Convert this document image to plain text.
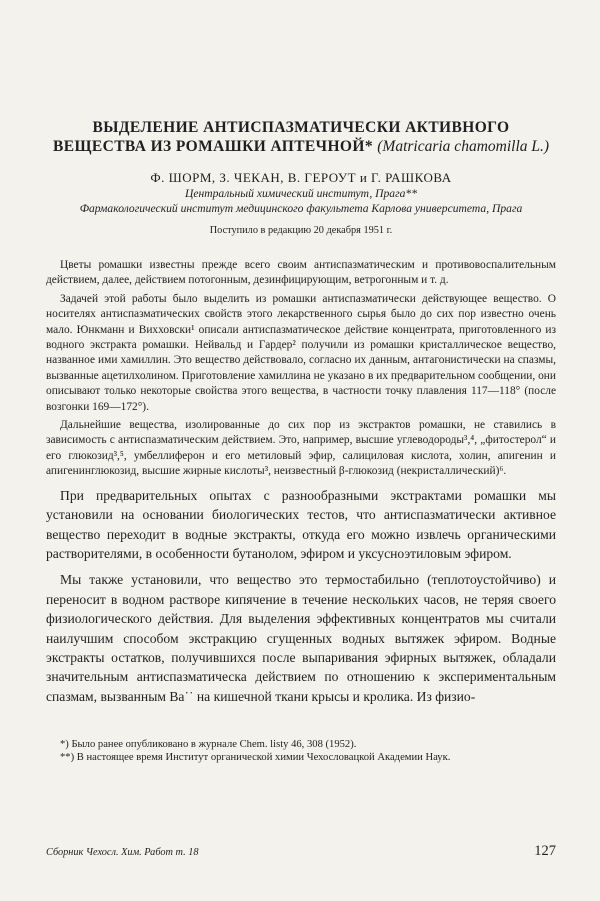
ВЫДЕЛЕНИЕ АНТИСПАЗМАТИЧЕСКИ АКТИВНОГО ВЕЩЕСТВА ИЗ РОМАШКИ АПТЕЧНОЙ* (Matricaria chamomilla L.)
Ф. ШОРМ, З. ЧЕКАН, В. ГЕРОУТ и Г. РАШКОВА
Центральный химический институт, Прага**
Фармакологический институт медицинского факультета Карлова университета, Прага
Поступило в редакцию 20 декабря 1951 г.

Цветы ромашки известны прежде всего своим антиспазматическим и противовоспалительным действием, далее, действием потогонным, дезинфицирующим, ветрогонным и т. д.

Задачей этой работы было выделить из ромашки антиспазматически действующее вещество. О носителях антиспазматических свойств этого лекарственного сырья было до сих пор известно очень мало. Юнкманн и Вихховски¹ описали антиспазматическое действие концентрата, приготовленного из водного экстракта ромашки. Нейвальд и Гардер² получили из ромашки кристаллическое вещество, названное ими хамиллин. Это вещество действовало, согласно их данным, антагонистически на спазмы, вызванные ацетилхолином. Приготовление хамиллина не указано в их предварительном сообщении, они описывают только некоторые свойства этого вещества, в частности точку плавления 117—118° (после возгонки 169—172°).

Дальнейшие вещества, изолированные до сих пор из экстрактов ромашки, не ставились в зависимость с антиспазматическим действием. Это, например, высшие углеводороды³,⁴, „фитостерол“ и его глюкозид³,⁵, умбеллиферон и его метиловый эфир, салициловая кислота, холин, апигенин и апигенинглюкозид, высшие жирные кислоты³, неизвестный β-глюкозид (некристаллический)⁶.

При предварительных опытах с разнообразными экстрактами ромашки мы установили на основании биологических тестов, что антиспазматически активное вещество переходит в водные экстракты, откуда его можно извлечь органическими растворителями, в особенности бутанолом, эфиром и уксусноэтиловым эфиром.

Мы также установили, что вещество это термостабильно (теплотоустойчиво) и переносит в водном растворе кипячение в течение нескольких часов, не теряя своего физиологического действия. Для выделения эффективных концентратов мы считали наилучшим способом экстракцию сгущенных водных вытяжек эфиром. Водные экстракты остатков, получившихся после выпаривания эфирных вытяжек, обладали значительным антиспазматическа действием по отношению к экспериментальным спазмам, вызванным Ba˙˙ на кишечной ткани крысы и кролика. Из физио-

*) Было ранее опубликовано в журнале Chem. listy 46, 308 (1952).
**) В настоящее время Институт органической химии Чехословацкой Академии Наук.
Сборник Чехосл. Хим. Работ т. 18	127
